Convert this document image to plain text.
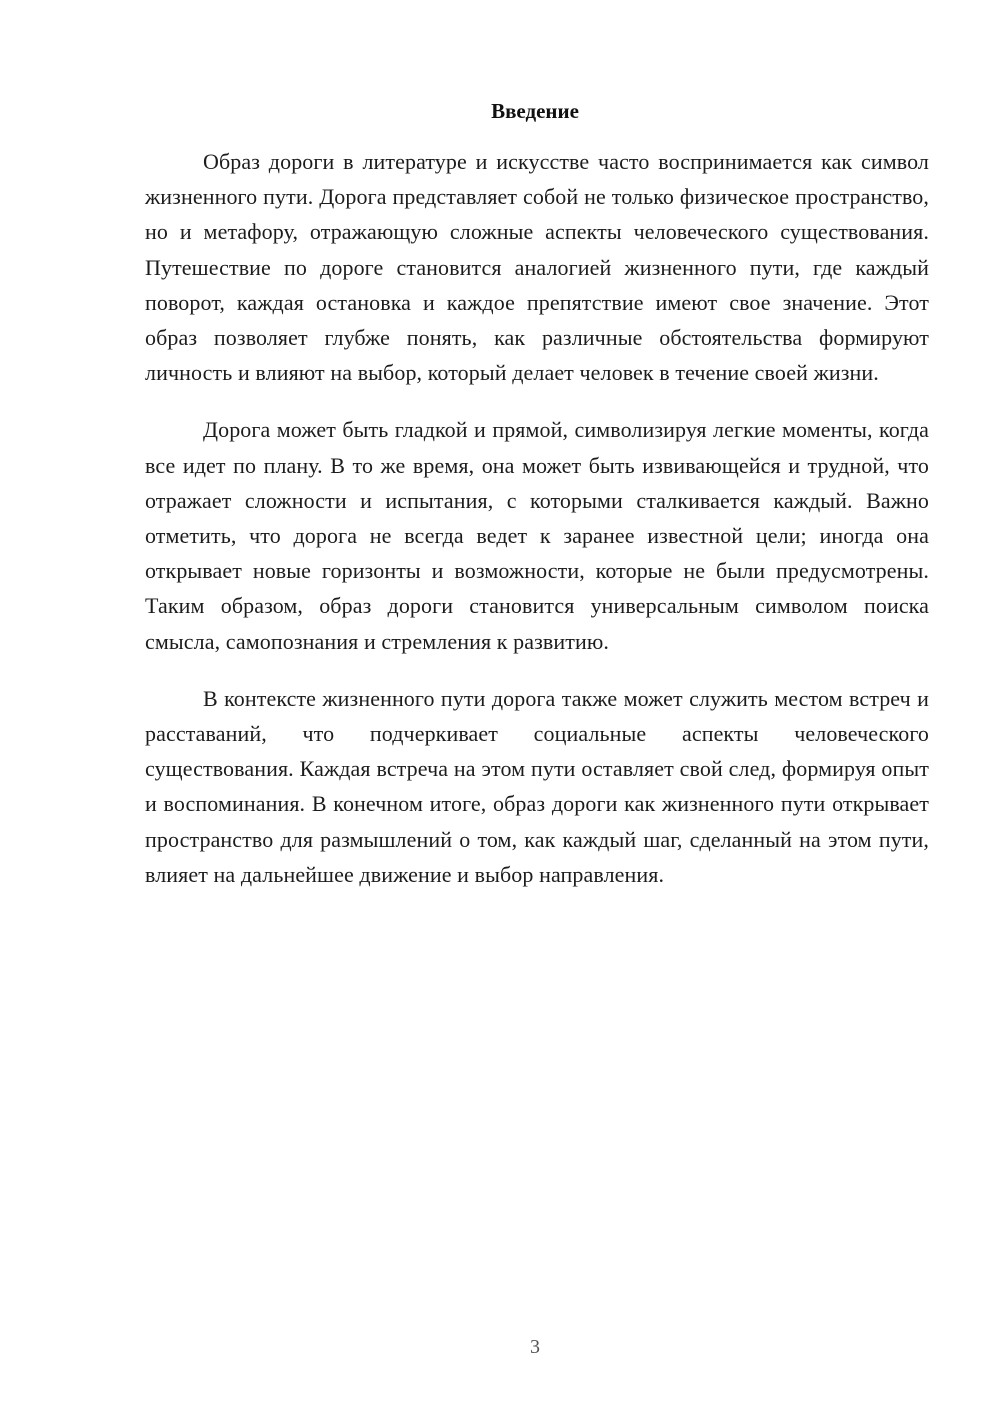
Введение

Образ дороги в литературе и искусстве часто воспринимается как символ жизненного пути. Дорога представляет собой не только физическое пространство, но и метафору, отражающую сложные аспекты человеческого существования. Путешествие по дороге становится аналогией жизненного пути, где каждый поворот, каждая остановка и каждое препятствие имеют свое значение. Этот образ позволяет глубже понять, как различные обстоятельства формируют личность и влияют на выбор, который делает человек в течение своей жизни.

Дорога может быть гладкой и прямой, символизируя легкие моменты, когда все идет по плану. В то же время, она может быть извивающейся и трудной, что отражает сложности и испытания, с которыми сталкивается каждый. Важно отметить, что дорога не всегда ведет к заранее известной цели; иногда она открывает новые горизонты и возможности, которые не были предусмотрены. Таким образом, образ дороги становится универсальным символом поиска смысла, самопознания и стремления к развитию.

В контексте жизненного пути дорога также может служить местом встреч и расставаний, что подчеркивает социальные аспекты человеческого существования. Каждая встреча на этом пути оставляет свой след, формируя опыт и воспоминания. В конечном итоге, образ дороги как жизненного пути открывает пространство для размышлений о том, как каждый шаг, сделанный на этом пути, влияет на дальнейшее движение и выбор направления.

3
